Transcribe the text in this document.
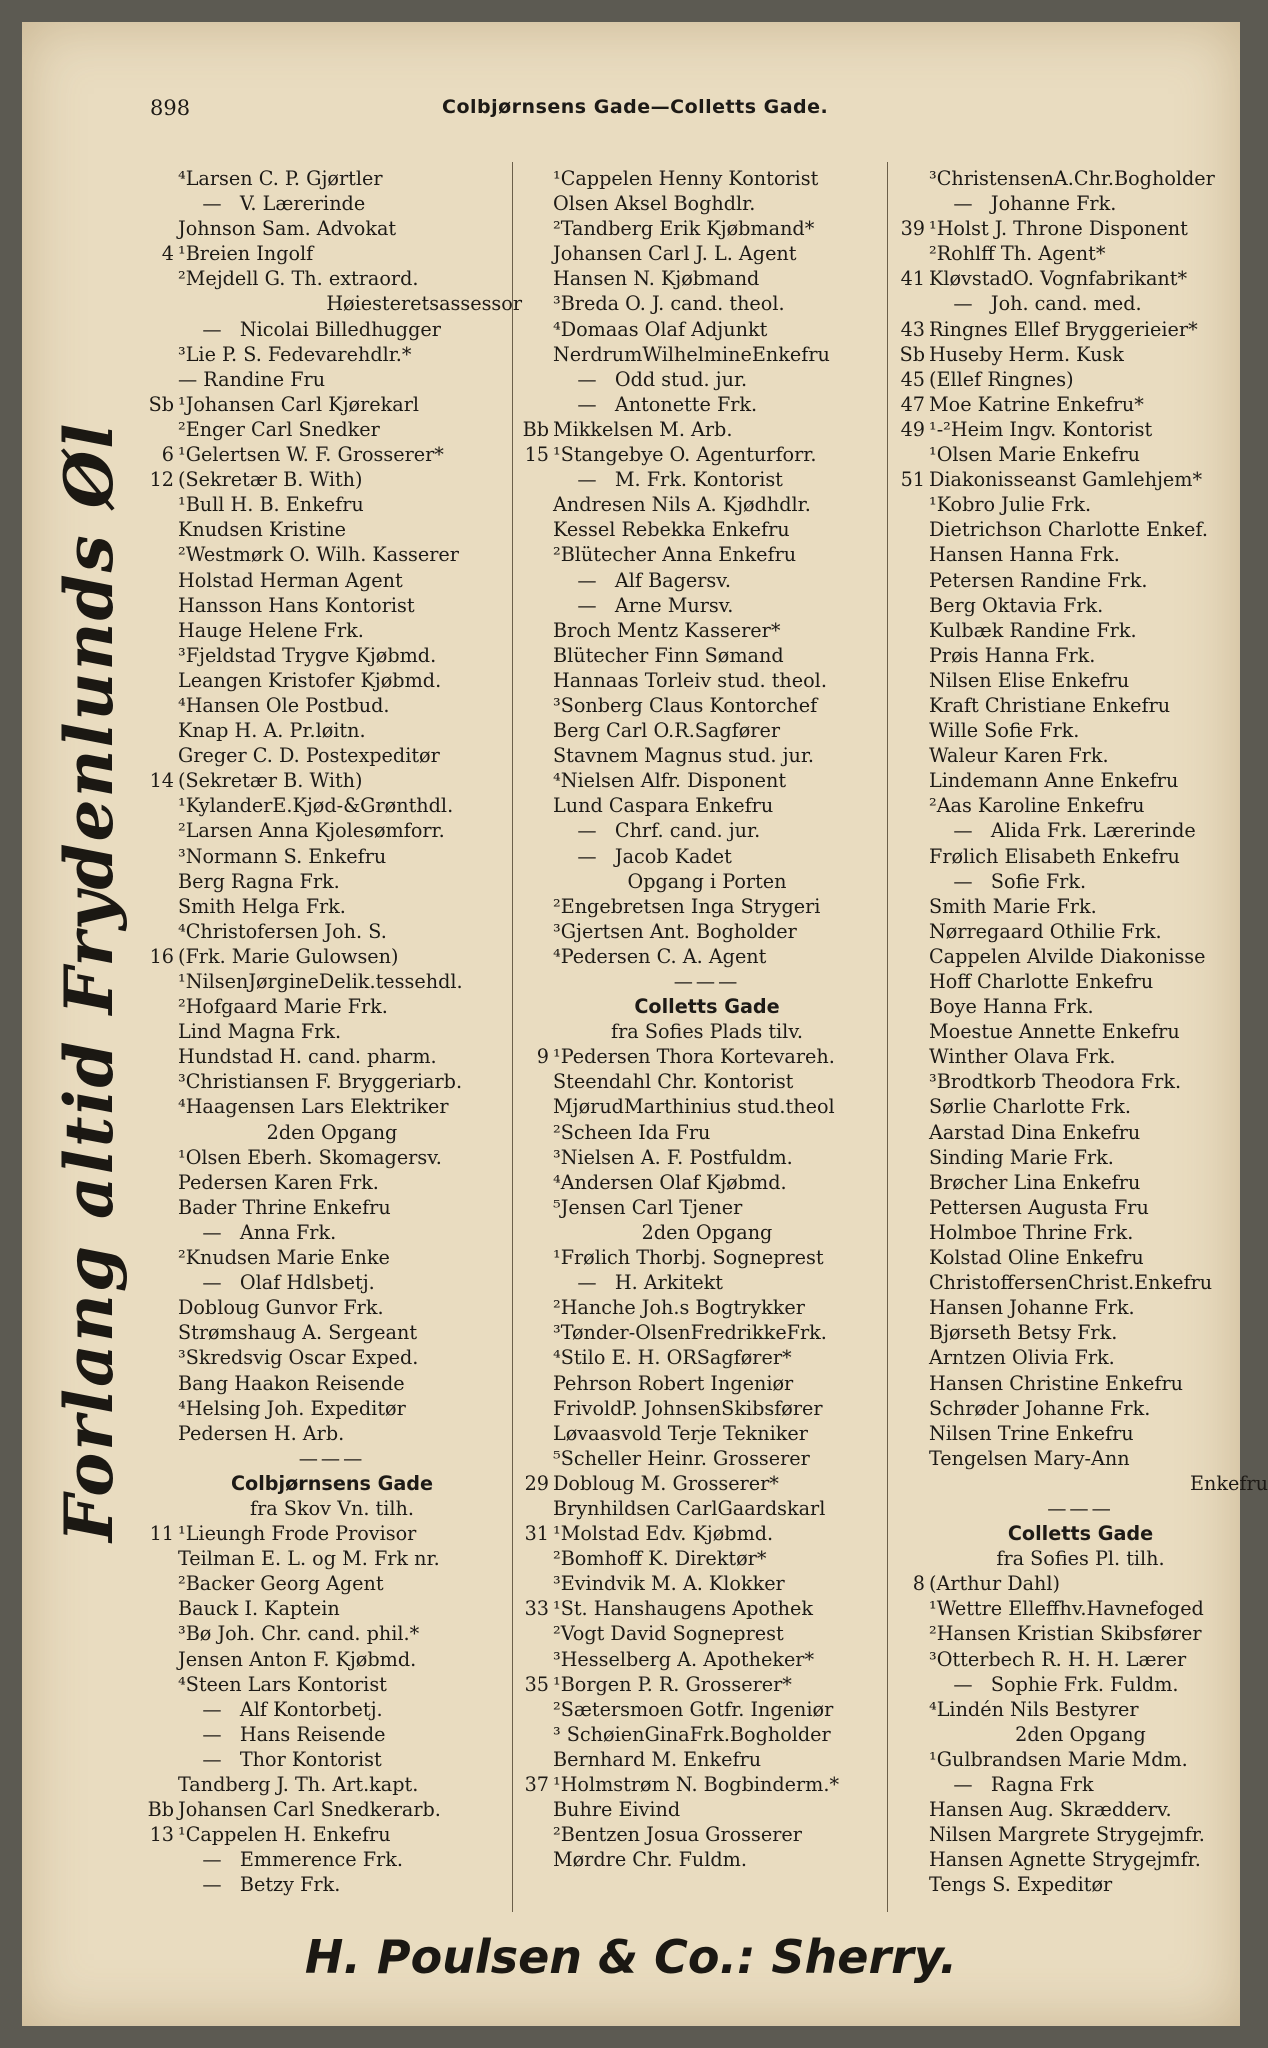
898	Colbjørnsens Gade—Colletts Gade.
Forlang altid Frydenlunds Øl
⁴Larsen C. P. Gjørtler
—   V. Lærerinde
Johnson Sam. Advokat
4 ¹Breien Ingolf
²Mejdell G. Th. extraord.
Høiesteretsassessor
—   Nicolai Billedhugger
³Lie P. S. Fedevarehdlr.*
— Randine Fru
Sb ¹Johansen Carl Kjørekarl
²Enger Carl Snedker
6 ¹Gelertsen W. F. Grosserer*
12 (Sekretær B. With)
¹Bull H. B. Enkefru
Knudsen Kristine
²Westmørk O. Wilh. Kasserer
Holstad Herman Agent
Hansson Hans Kontorist
Hauge Helene Frk.
³Fjeldstad Trygve Kjøbmd.
Leangen Kristofer Kjøbmd.
⁴Hansen Ole Postbud.
Knap H. A. Pr.løitn.
Greger C. D. Postexpeditør
14 (Sekretær B. With)
¹KylanderE.Kjød-&Grønthdl.
²Larsen Anna Kjolesømforr.
³Normann S. Enkefru
Berg Ragna Frk.
Smith Helga Frk.
⁴Christofersen Joh. S.
16 (Frk. Marie Gulowsen)
¹NilsenJørgineDelik.tessehdl.
²Hofgaard Marie Frk.
Lind Magna Frk.
Hundstad H. cand. pharm.
³Christiansen F. Bryggeriarb.
⁴Haagensen Lars Elektriker
2den Opgang
¹Olsen Eberh. Skomagersv.
Pedersen Karen Frk.
Bader Thrine Enkefru
—   Anna Frk.
²Knudsen Marie Enke
—   Olaf Hdlsbetj.
Dobloug Gunvor Frk.
Strømshaug A. Sergeant
³Skredsvig Oscar Exped.
Bang Haakon Reisende
⁴Helsing Joh. Expeditør
Pedersen H. Arb.
———
Colbjørnsens Gade
fra Skov Vn. tilh.
11 ¹Lieungh Frode Provisor
Teilman E. L. og M. Frk nr.
²Backer Georg Agent
Bauck I. Kaptein
³Bø Joh. Chr. cand. phil.*
Jensen Anton F. Kjøbmd.
⁴Steen Lars Kontorist
—   Alf Kontorbetj.
—   Hans Reisende
—   Thor Kontorist
Tandberg J. Th. Art.kapt.
Bb Johansen Carl Snedkerarb.
13 ¹Cappelen H. Enkefru
—   Emmerence Frk.
—   Betzy Frk.
¹Cappelen Henny Kontorist
Olsen Aksel Boghdlr.
²Tandberg Erik Kjøbmand*
Johansen Carl J. L. Agent
Hansen N. Kjøbmand
³Breda O. J. cand. theol.
⁴Domaas Olaf Adjunkt
NerdrumWilhelmineEnkefru
—   Odd stud. jur.
—   Antonette Frk.
Bb Mikkelsen M. Arb.
15 ¹Stangebye O. Agenturforr.
—   M. Frk. Kontorist
Andresen Nils A. Kjødhdlr.
Kessel Rebekka Enkefru
²Blütecher Anna Enkefru
—   Alf Bagersv.
—   Arne Mursv.
Broch Mentz Kasserer*
Blütecher Finn Sømand
Hannaas Torleiv stud. theol.
³Sonberg Claus Kontorchef
Berg Carl O.R.Sagfører
Stavnem Magnus stud. jur.
⁴Nielsen Alfr. Disponent
Lund Caspara Enkefru
—   Chrf. cand. jur.
—   Jacob Kadet
Opgang i Porten
²Engebretsen Inga Strygeri
³Gjertsen Ant. Bogholder
⁴Pedersen C. A. Agent
———
Colletts Gade
fra Sofies Plads tilv.
9 ¹Pedersen Thora Kortevareh.
Steendahl Chr. Kontorist
MjørudMarthinius stud.theol
²Scheen Ida Fru
³Nielsen A. F. Postfuldm.
⁴Andersen Olaf Kjøbmd.
⁵Jensen Carl Tjener
2den Opgang
¹Frølich Thorbj. Sogneprest
—   H. Arkitekt
²Hanche Joh.s Bogtrykker
³Tønder-OlsenFredrikkeFrk.
⁴Stilo E. H. ORSagfører*
Pehrson Robert Ingeniør
FrivoldP. JohnsenSkibsfører
Løvaasvold Terje Tekniker
⁵Scheller Heinr. Grosserer
29 Dobloug M. Grosserer*
Brynhildsen CarlGaardskarl
31 ¹Molstad Edv. Kjøbmd.
²Bomhoff K. Direktør*
³Evindvik M. A. Klokker
33 ¹St. Hanshaugens Apothek
²Vogt David Sogneprest
³Hesselberg A. Apotheker*
35 ¹Borgen P. R. Grosserer*
²Sætersmoen Gotfr. Ingeniør
³ SchøienGinaFrk.Bogholder
Bernhard M. Enkefru
37 ¹Holmstrøm N. Bogbinderm.*
Buhre Eivind
²Bentzen Josua Grosserer
Mørdre Chr. Fuldm.
³ChristensenA.Chr.Bogholder
—   Johanne Frk.
39 ¹Holst J. Throne Disponent
²Rohlff Th. Agent*
41 KløvstadO. Vognfabrikant*
—   Joh. cand. med.
43 Ringnes Ellef Bryggerieier*
Sb Huseby Herm. Kusk
45 (Ellef Ringnes)
47 Moe Katrine Enkefru*
49 ¹-²Heim Ingv. Kontorist
¹Olsen Marie Enkefru
51 Diakonisseanst Gamlehjem*
¹Kobro Julie Frk.
Dietrichson Charlotte Enkef.
Hansen Hanna Frk.
Petersen Randine Frk.
Berg Oktavia Frk.
Kulbæk Randine Frk.
Prøis Hanna Frk.
Nilsen Elise Enkefru
Kraft Christiane Enkefru
Wille Sofie Frk.
Waleur Karen Frk.
Lindemann Anne Enkefru
²Aas Karoline Enkefru
—   Alida Frk. Lærerinde
Frølich Elisabeth Enkefru
—   Sofie Frk.
Smith Marie Frk.
Nørregaard Othilie Frk.
Cappelen Alvilde Diakonisse
Hoff Charlotte Enkefru
Boye Hanna Frk.
Moestue Annette Enkefru
Winther Olava Frk.
³Brodtkorb Theodora Frk.
Sørlie Charlotte Frk.
Aarstad Dina Enkefru
Sinding Marie Frk.
Brøcher Lina Enkefru
Pettersen Augusta Fru
Holmboe Thrine Frk.
Kolstad Oline Enkefru
ChristoffersenChrist.Enkefru
Hansen Johanne Frk.
Bjørseth Betsy Frk.
Arntzen Olivia Frk.
Hansen Christine Enkefru
Schrøder Johanne Frk.
Nilsen Trine Enkefru
Tengelsen Mary-Ann
Enkefru
———
Colletts Gade
fra Sofies Pl. tilh.
8 (Arthur Dahl)
¹Wettre Elleffhv.Havnefoged
²Hansen Kristian Skibsfører
³Otterbech R. H. H. Lærer
—   Sophie Frk. Fuldm.
⁴Lindén Nils Bestyrer
2den Opgang
¹Gulbrandsen Marie Mdm.
—   Ragna Frk
Hansen Aug. Skrædderv.
Nilsen Margrete Strygejmfr.
Hansen Agnette Strygejmfr.
Tengs S. Expeditør
H. Poulsen & Co.: Sherry.
